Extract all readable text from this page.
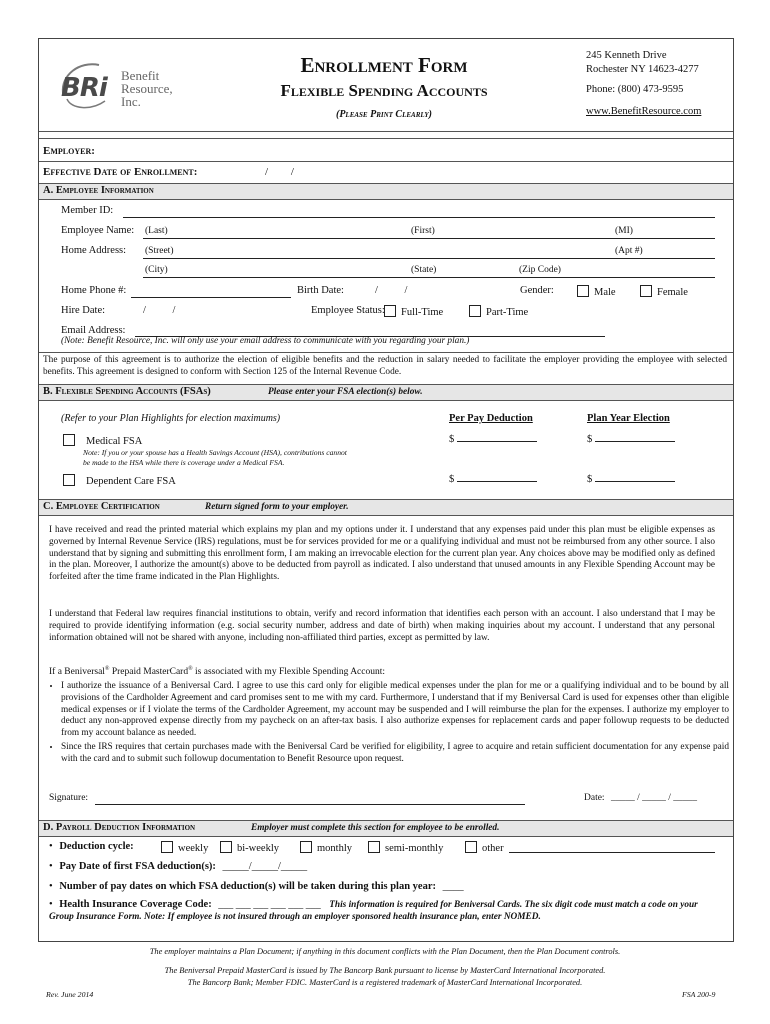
BRi Benefit
Resource,
Inc.
Enrollment Form
Flexible Spending Accounts
(Please Print Clearly)
245 Kenneth Drive
Rochester NY 14623-4277
Phone: (800) 473-9595
www.BenefitResource.com
Employer:
Effective Date of Enrollment:	/ /
A. Employee Information
Member ID:
Employee Name: (Last)	(First)	(MI)
Home Address: (Street)	(Apt #)
(City)	(State)	(Zip Code)
Home Phone #:	Birth Date:	/	/	Gender:	Male	Female
Hire Date:	/	/	Employee Status:	Full-Time	Part-Time
Email Address:
(Note: Benefit Resource, Inc. will only use your email address to communicate with you regarding your plan.)
The purpose of this agreement is to authorize the election of eligible benefits and the reduction in salary needed to facilitate the employer providing the employee with selected benefits. This agreement is designed to conform with Section 125 of the Internal Revenue Code.
B. Flexible Spending Accounts (FSAs)	Please enter your FSA election(s) below.
(Refer to your Plan Highlights for election maximums)	Per Pay Deduction	Plan Year Election
Medical FSA	$	$
Note: If you or your spouse has a Health Savings Account (HSA), contributions cannot
be made to the HSA while there is coverage under a Medical FSA.
Dependent Care FSA	$	$
C. Employee Certification	Return signed form to your employer.
I have received and read the printed material which explains my plan and my options under it. I understand that any expenses paid under this plan must be eligible expenses as governed by Internal Revenue Service (IRS) regulations, must be for services provided for me or a qualifying individual and must not be reimbursed from any other source. I also understand that by signing and submitting this enrollment form, I am making an irrevocable election for the current plan year. Any choices above may be modified only as defined in the plan. Moreover, I authorize the amount(s) above to be deducted from payroll as indicated. I also understand that unused amounts in any Flexible Spending Account may be forfeited after the time frame indicated in the Plan Highlights.
I understand that Federal law requires financial institutions to obtain, verify and record information that identifies each person with an account. I also understand that I may be required to provide identifying information (e.g. social security number, address and date of birth) when making inquiries about my account. I understand that any personal information obtained will not be shared with anyone, including non-affiliated third parties, except as permitted by law.
If a Beniversal® Prepaid MasterCard® is associated with my Flexible Spending Account:
• I authorize the issuance of a Beniversal Card. I agree to use this card only for eligible medical expenses under the plan for me or a qualifying individual and to be bound by all provisions of the Cardholder Agreement and card promises sent to me with my card. Furthermore, I understand that if my Beniversal Card is used for expenses other than eligible medical expenses or if I violate the terms of the Cardholder Agreement, my account may be suspended and I will reimburse the plan for the expenses. I authorize my employer to deduct any non-approved expense directly from my paycheck on an after-tax basis. I also authorize expenses for replacement cards and paper followup requests to be deducted from my account balance as needed.
• Since the IRS requires that certain purchases made with the Beniversal Card be verified for eligibility, I agree to acquire and retain sufficient documentation for any expense paid with the card and to submit such followup documentation to Benefit Resource upon request.
Signature:	Date: _____ / _____ / _____
D. Payroll Deduction Information	Employer must complete this section for employee to be enrolled.
• Deduction cycle:	weekly	bi-weekly	monthly	semi-monthly	other
• Pay Date of first FSA deduction(s): _____/_____/_____
• Number of pay dates on which FSA deduction(s) will be taken during this plan year: ____
• Health Insurance Coverage Code: ___ ___ ___ ___ ___ ___ This information is required for Beniversal Cards. The six digit code must match a code on your Group Insurance Form. Note: If employee is not insured through an employer sponsored health insurance plan, enter NOMED.
The employer maintains a Plan Document; if anything in this document conflicts with the Plan Document, then the Plan Document controls.
The Beniversal Prepaid MasterCard is issued by The Bancorp Bank pursuant to license by MasterCard International Incorporated.
The Bancorp Bank; Member FDIC. MasterCard is a registered trademark of MasterCard International Incorporated.
Rev. June 2014	FSA 200-9
